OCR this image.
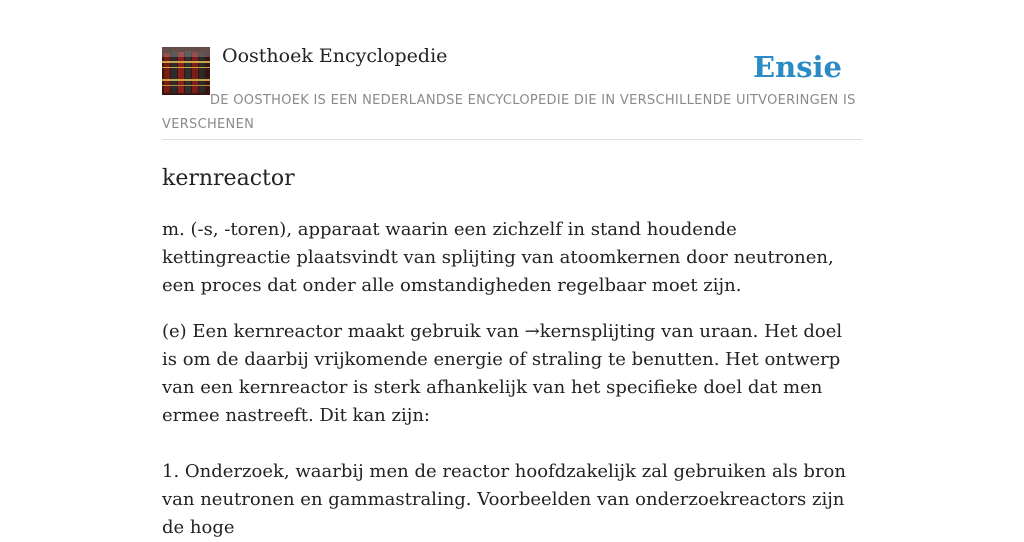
Oosthoek Encyclopedie	Ensie
DE OOSTHOEK IS EEN NEDERLANDSE ENCYCLOPEDIE DIE IN VERSCHILLENDE UITVOERINGEN IS VERSCHENEN
kernreactor

m. (-s, -toren), apparaat waarin een zichzelf in stand houdende kettingreactie plaatsvindt van splijting van atoomkernen door neutronen, een proces dat onder alle omstandigheden regelbaar moet zijn.

(e) Een kernreactor maakt gebruik van →kernsplijting van uraan. Het doel is om de daarbij vrijkomende energie of straling te benutten. Het ontwerp van een kernreactor is sterk afhankelijk van het specifieke doel dat men ermee nastreeft. Dit kan zijn:

1. Onderzoek, waarbij men de reactor hoofdzakelijk zal gebruiken als bron van neutronen en gammastraling. Voorbeelden van onderzoekreactors zijn de hoge
